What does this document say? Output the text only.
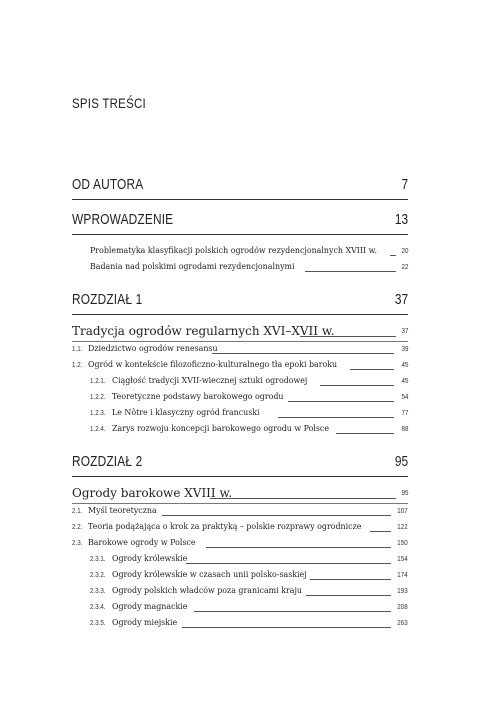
SPIS TREŚCI
OD AUTORA	7
WPROWADZENIE	13
Problematyka klasyfikacji polskich ogrodów rezydencjonalnych XVIII w.	20
Badania nad polskimi ogrodami rezydencjonalnymi	22
ROZDZIAŁ 1	37
Tradycja ogrodów regularnych XVI–XVII w.	37
1.1. Dziedzictwo ogrodów renesansu	39
1.2. Ogród w kontekście filozoficzno-kulturalnego tła epoki baroku	45
1.2.1. Ciągłość tradycji XVII-wiecznej sztuki ogrodowej	45
1.2.2. Teoretyczne podstawy barokowego ogrodu	54
1.2.3. Le Nôtre i klasyczny ogród francuski	77
1.2.4. Zarys rozwoju koncepcji barokowego ogrodu w Polsce	88
ROZDZIAŁ 2	95
Ogrody barokowe XVIII w.	95
2.1. Myśl teoretyczna	107
2.2. Teoria podążająca o krok za praktyką – polskie rozprawy ogrodnicze	122
2.3. Barokowe ogrody w Polsce	150
2.3.1. Ogrody królewskie	154
2.3.2. Ogrody królewskie w czasach unii polsko-saskiej	174
2.3.3. Ogrody polskich władców poza granicami kraju	193
2.3.4. Ogrody magnackie	208
2.3.5. Ogrody miejskie	263
